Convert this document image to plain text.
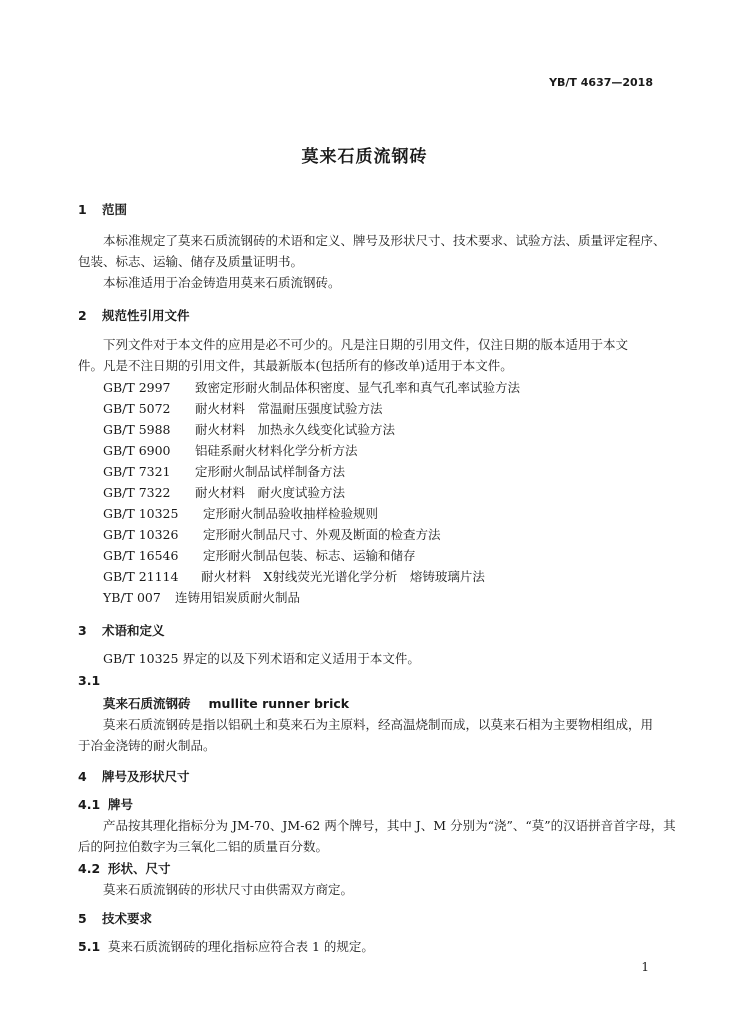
YB/T 4637—2018
莫来石质流钢砖
1 范围
本标准规定了莫来石质流钢砖的术语和定义、牌号及形状尺寸、技术要求、试验方法、质量评定程序、
包装、标志、运输、储存及质量证明书。
本标准适用于冶金铸造用莫来石质流钢砖。
2 规范性引用文件
下列文件对于本文件的应用是必不可少的。凡是注日期的引用文件，仅注日期的版本适用于本文
件。凡是不注日期的引用文件，其最新版本(包括所有的修改单)适用于本文件。
GB/T 2997 致密定形耐火制品体积密度、显气孔率和真气孔率试验方法
GB/T 5072 耐火材料　常温耐压强度试验方法
GB/T 5988 耐火材料　加热永久线变化试验方法
GB/T 6900 铝硅系耐火材料化学分析方法
GB/T 7321 定形耐火制品试样制备方法
GB/T 7322 耐火材料　耐火度试验方法
GB/T 10325 定形耐火制品验收抽样检验规则
GB/T 10326 定形耐火制品尺寸、外观及断面的检查方法
GB/T 16546 定形耐火制品包装、标志、运输和储存
GB/T 21114 耐火材料　X射线荧光光谱化学分析　熔铸玻璃片法
YB/T 007 连铸用铝炭质耐火制品
3 术语和定义
GB/T 10325 界定的以及下列术语和定义适用于本文件。
3.1
莫来石质流钢砖 mullite runner brick
莫来石质流钢砖是指以铝矾土和莫来石为主原料，经高温烧制而成，以莫来石相为主要物相组成，用
于冶金浇铸的耐火制品。
4 牌号及形状尺寸
4.1 牌号
产品按其理化指标分为 JM-70、JM-62 两个牌号，其中 J、M 分别为“浇”、“莫”的汉语拼音首字母，其
后的阿拉伯数字为三氧化二铝的质量百分数。
4.2 形状、尺寸
莫来石质流钢砖的形状尺寸由供需双方商定。
5 技术要求
5.1 莫来石质流钢砖的理化指标应符合表 1 的规定。
1
